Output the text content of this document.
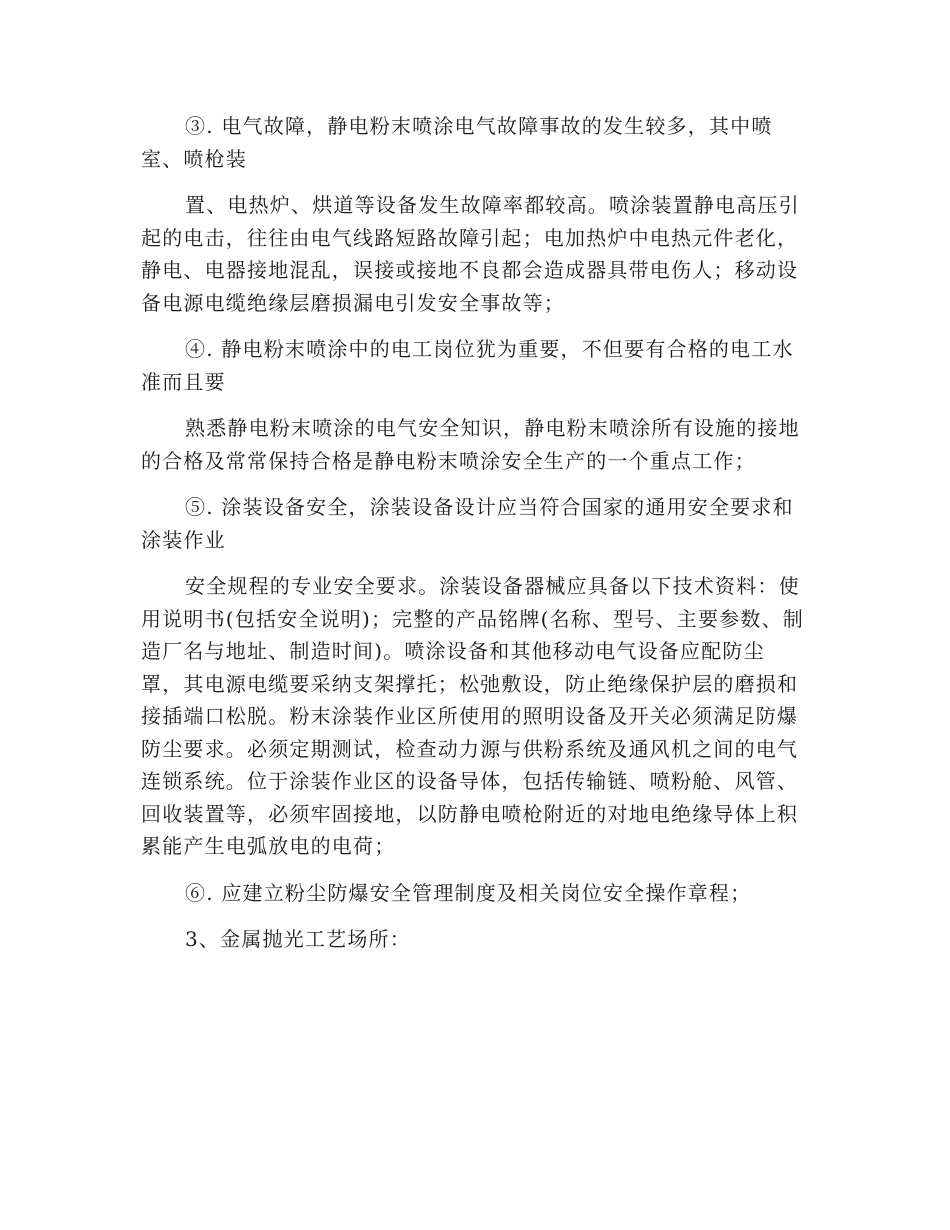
③. 电气故障，静电粉末喷涂电气故障事故的发生较多，其中喷室、喷枪装

置、电热炉、烘道等设备发生故障率都较高。喷涂装置静电高压引起的电击，往往由电气线路短路故障引起；电加热炉中电热元件老化，静电、电器接地混乱，误接或接地不良都会造成器具带电伤人；移动设备电源电缆绝缘层磨损漏电引发安全事故等；

④. 静电粉末喷涂中的电工岗位犹为重要，不但要有合格的电工水准而且要

熟悉静电粉末喷涂的电气安全知识，静电粉末喷涂所有设施的接地的合格及常常保持合格是静电粉末喷涂安全生产的一个重点工作；

⑤. 涂装设备安全，涂装设备设计应当符合国家的通用安全要求和涂装作业

安全规程的专业安全要求。涂装设备器械应具备以下技术资料：使用说明书(包括安全说明)；完整的产品铭牌(名称、型号、主要参数、制造厂名与地址、制造时间)。喷涂设备和其他移动电气设备应配防尘罩，其电源电缆要采纳支架撑托；松弛敷设，防止绝缘保护层的磨损和接插端口松脱。粉末涂装作业区所使用的照明设备及开关必须满足防爆防尘要求。必须定期测试，检查动力源与供粉系统及通风机之间的电气连锁系统。位于涂装作业区的设备导体，包括传输链、喷粉舱、风管、回收装置等，必须牢固接地，以防静电喷枪附近的对地电绝缘导体上积累能产生电弧放电的电荷；

⑥. 应建立粉尘防爆安全管理制度及相关岗位安全操作章程；

3、金属抛光工艺场所：
